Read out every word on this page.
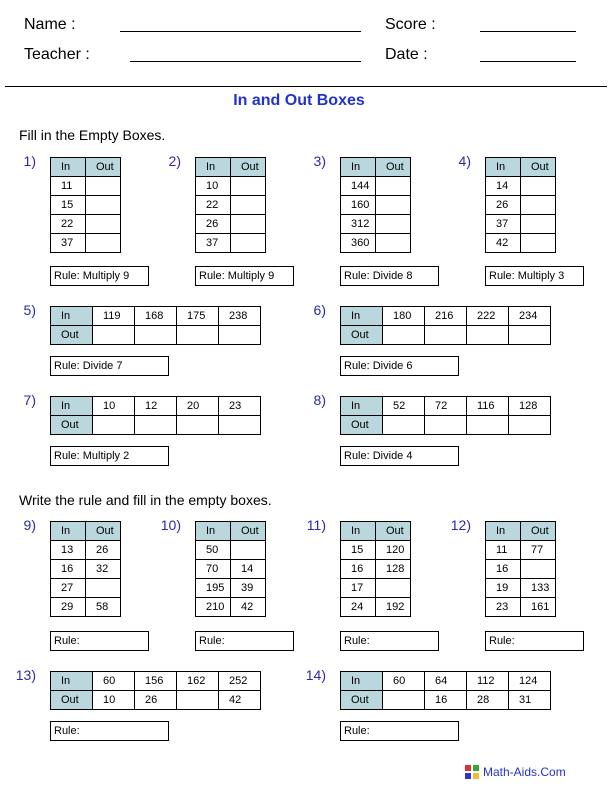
Name :	Score :
Teacher :	Date :
In and Out Boxes
Fill in the Empty Boxes.
Write the rule and fill in the empty boxes.
1) In	Out
11	
15	
22	
37	
Rule: Multiply 9
2) In	Out
10	
22	
26	
37	
Rule: Multiply 9
3) In	Out
144	
160	
312	
360	
Rule: Divide 8
4) In	Out
14	
26	
37	
42	
Rule: Multiply 3
5) In	119	168	175	238
Out				
Rule: Divide 7
6) In	180	216	222	234
Out				
Rule: Divide 6
7) In	10	12	20	23
Out				
Rule: Multiply 2
8) In	52	72	116	128
Out				
Rule: Divide 4
9) In	Out
13	26
16	32
27	
29	58
Rule:
10) In	Out
50	
70	14
195	39
210	42
Rule:
11) In	Out
15	120
16	128
17	
24	192
Rule:
12) In	Out
11	77
16	
19	133
23	161
Rule:
13) In	60	156	162	252
Out	10	26		42
Rule:
14) In	60	64	112	124
Out		16	28	31
Rule:
Math-Aids.Com
